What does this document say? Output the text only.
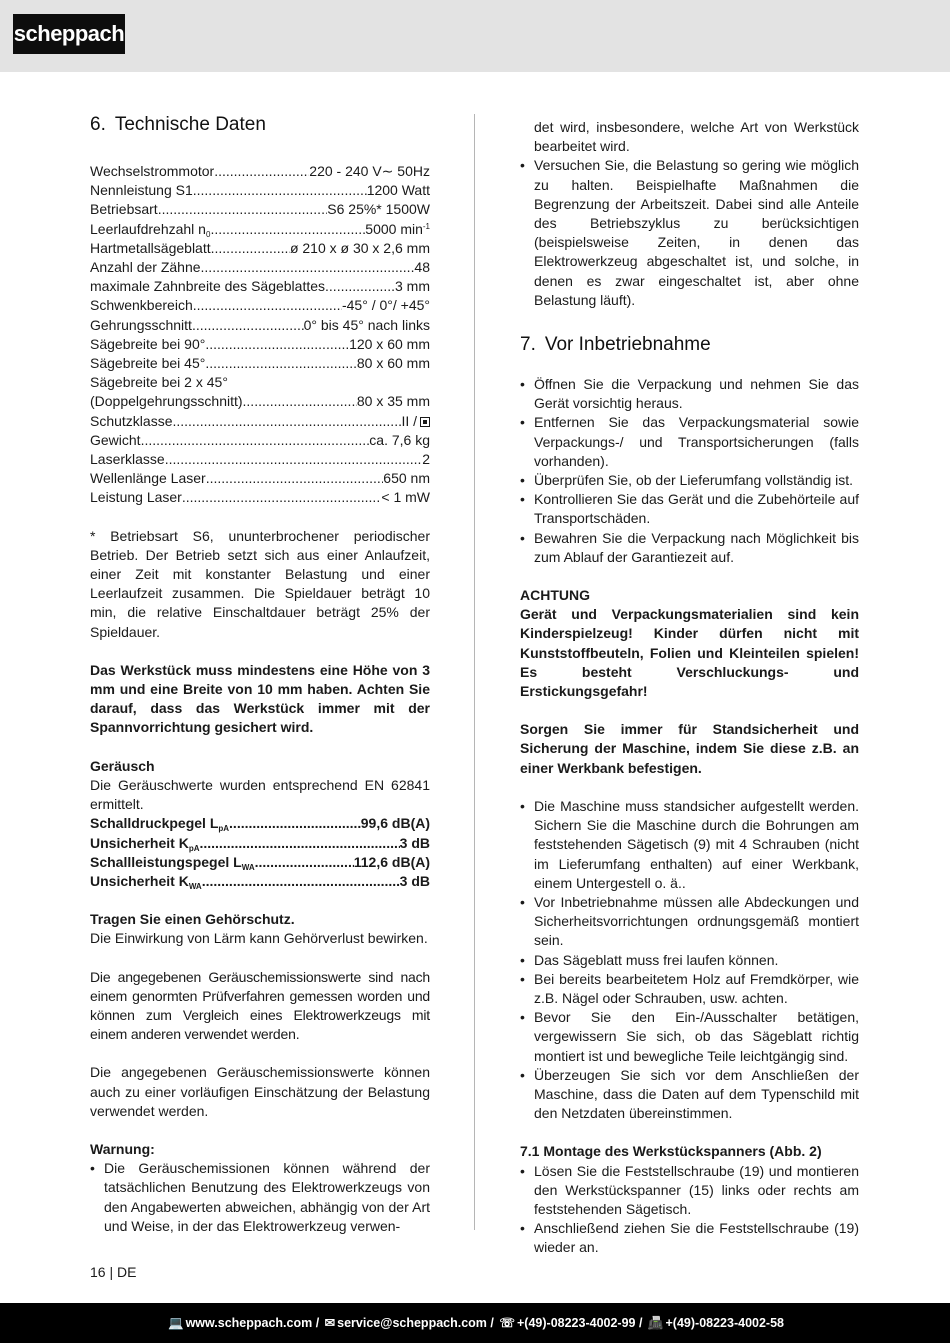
scheppach
6. Technische Daten
Wechselstrommotor .....	220 - 240 V∼ 50Hz
Nennleistung S1 .....	1200 Watt
Betriebsart .....	S6 25%* 1500W
Leerlaufdrehzahl $n_0$ .....	5000 $\min^{-1}$
Hartmetallsägeblatt .....	ø 210 x ø 30 x 2,6 mm
Anzahl der Zähne .....	48
maximale Zahnbreite des Sägeblattes .....	3 mm
Schwenkbereich .....	-45° / 0°/ +45°
Gehrungsschnitt .....	0° bis 45° nach links
Sägebreite bei 90° .....	120 x 60 mm
Sägebreite bei 45° .....	80 x 60 mm
Sägebreite bei 2 x 45°
(Doppelgehrungsschnitt) .....	80 x 35 mm
Schutzklasse .....	II /
Gewicht .....	ca. 7,6 kg
Laserklasse .....	2
Wellenlänge Laser .....	650 nm
Leistung Laser .....	< 1 mW

* Betriebsart S6, ununterbrochener periodischer Betrieb. Der Betrieb setzt sich aus einer Anlaufzeit, einer Zeit mit konstanter Belastung und einer Leerlaufzeit zusammen. Die Spieldauer beträgt 10 min, die relative Einschaltdauer beträgt 25% der Spieldauer.

Das Werkstück muss mindestens eine Höhe von 3 mm und eine Breite von 10 mm haben. Achten Sie darauf, dass das Werkstück immer mit der Spannvorrichtung gesichert wird.

Geräusch

Die Geräuschwerte wurden entsprechend EN 62841 ermittelt.

Schalldruckpegel $L_{pA}$ .....	99,6 dB(A)
Unsicherheit $K_{pA}$ .....	3 dB
Schallleistungspegel $L_{WA}$ .....	112,6 dB(A)
Unsicherheit $K_{WA}$ .....	3 dB

Tragen Sie einen Gehörschutz.

Die Einwirkung von Lärm kann Gehörverlust bewirken.

Die angegebenen Geräuschemissionswerte sind nach einem genormten Prüfverfahren gemessen worden und können zum Vergleich eines Elektrowerkzeugs mit einem anderen verwendet werden.

Die angegebenen Geräuschemissionswerte können auch zu einer vorläufigen Einschätzung der Belastung verwendet werden.

Warnung:

• Die Geräuschemissionen können während der tatsächlichen Benutzung des Elektrowerkzeugs von den Angabewerten abweichen, abhängig von der Art und Weise, in der das Elektrowerkzeug verwen-

det wird, insbesondere, welche Art von Werkstück bearbeitet wird.

• Versuchen Sie, die Belastung so gering wie möglich zu halten. Beispielhafte Maßnahmen die Begrenzung der Arbeitszeit. Dabei sind alle Anteile des Betriebszyklus zu berücksichtigen (beispielsweise Zeiten, in denen das Elektrowerkzeug abgeschaltet ist, und solche, in denen es zwar eingeschaltet ist, aber ohne Belastung läuft).
7. Vor Inbetriebnahme
• Öffnen Sie die Verpackung und nehmen Sie das Gerät vorsichtig heraus.
• Entfernen Sie das Verpackungsmaterial sowie Verpackungs-/ und Transportsicherungen (falls vorhanden).
• Überprüfen Sie, ob der Lieferumfang vollständig ist.
• Kontrollieren Sie das Gerät und die Zubehörteile auf Transportschäden.
• Bewahren Sie die Verpackung nach Möglichkeit bis zum Ablauf der Garantiezeit auf.

ACHTUNG

Gerät und Verpackungsmaterialien sind kein Kinderspielzeug! Kinder dürfen nicht mit Kunststoffbeuteln, Folien und Kleinteilen spielen! Es besteht Verschluckungs- und Erstickungsgefahr!

Sorgen Sie immer für Standsicherheit und Sicherung der Maschine, indem Sie diese z.B. an einer Werkbank befestigen.

• Die Maschine muss standsicher aufgestellt werden. Sichern Sie die Maschine durch die Bohrungen am feststehenden Sägetisch (9) mit 4 Schrauben (nicht im Lieferumfang enthalten) auf einer Werkbank, einem Untergestell o. ä..
• Vor Inbetriebnahme müssen alle Abdeckungen und Sicherheitsvorrichtungen ordnungsgemäß montiert sein.
• Das Sägeblatt muss frei laufen können.
• Bei bereits bearbeitetem Holz auf Fremdkörper, wie z.B. Nägel oder Schrauben, usw. achten.
• Bevor Sie den Ein-/Ausschalter betätigen, vergewissern Sie sich, ob das Sägeblatt richtig montiert ist und bewegliche Teile leichtgängig sind.
• Überzeugen Sie sich vor dem Anschließen der Maschine, dass die Daten auf dem Typenschild mit den Netzdaten übereinstimmen.

7.1 Montage des Werkstückspanners (Abb. 2)

• Lösen Sie die Feststellschraube (19) und montieren den Werkstückspanner (15) links oder rechts am feststehenden Sägetisch.
• Anschließend ziehen Sie die Feststellschraube (19) wieder an.
16 | DE
💻 www.scheppach.com / ✉ service@scheppach.com / ☏ +(49)-08223-4002-99 / 📠 +(49)-08223-4002-58
